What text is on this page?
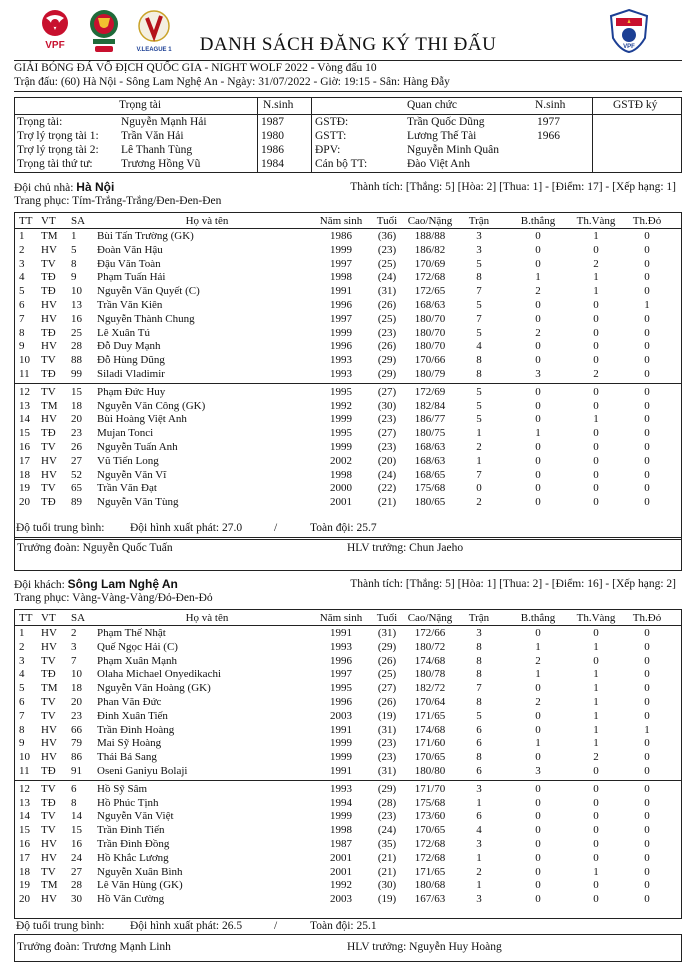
VPF	V.LEAGUE 1	DANH SÁCH ĐĂNG KÝ THI ĐẤU	VPF
GIẢI BÓNG ĐÁ VÔ ĐỊCH QUỐC GIA - NIGHT WOLF 2022 - Vòng đấu 10
Trận đấu: (60) Hà Nội - Sông Lam Nghệ An - Ngày: 31/07/2022 - Giờ: 19:15 - Sân: Hàng Đẫy
Trọng tài	N.sinh	Quan chức	N.sinh	GSTĐ ký
Trọng tài:	Nguyễn Mạnh Hải	1987	GSTĐ:	Trần Quốc Dũng	1977
Trợ lý trọng tài 1: Trần Văn Hải	1980	GSTT:	Lương Thế Tài	1966
Trợ lý trọng tài 2: Lê Thanh Tùng	1986	ĐPV:	Nguyễn Minh Quân
Trọng tài thứ tư: Trương Hồng Vũ	1984	Cán bộ TT:	Đào Việt Anh
Đội chủ nhà: Hà Nội	Thành tích: [Thắng: 5] [Hòa: 2] [Thua: 1] - [Điểm: 17] - [Xếp hạng: 1]
Trang phục: Tím-Trắng-Trắng/Đen-Đen-Đen
TT VT	SA	Họ và tên	Năm sinh	Tuổi Cao/Nặng	Trận	B.thắng	Th.Vàng	Th.Đỏ
1	TM	1	Bùi Tấn Trường (GK)	1986	(36)	188/88	3	0	1	0
2	HV	5	Đoàn Văn Hậu	1999	(23)	186/82	3	0	0	0
3	TV	8	Đậu Văn Toàn	1997	(25)	170/69	5	0	2	0
4	TĐ	9	Phạm Tuấn Hải	1998	(24)	172/68	8	1	1	0
5	TĐ	10	Nguyễn Văn Quyết (C)	1991	(31)	172/65	7	2	1	0
6	HV	13	Trần Văn Kiên	1996	(26)	168/63	5	0	0	1
7	HV	16	Nguyễn Thành Chung	1997	(25)	180/70	7	0	0	0
8	TĐ	25	Lê Xuân Tú	1999	(23)	180/70	5	2	0	0
9	HV	28	Đỗ Duy Mạnh	1996	(26)	180/70	4	0	0	0
10	TV	88	Đỗ Hùng Dũng	1993	(29)	170/66	8	0	0	0
11	TĐ	99	Siladi Vladimir	1993	(29)	180/79	8	3	2	0
12	TV	15	Phạm Đức Huy	1995	(27)	172/69	5	0	0	0
13	TM	18	Nguyễn Văn Công (GK)	1992	(30)	182/84	5	0	0	0
14	HV	20	Bùi Hoàng Việt Anh	1999	(23)	186/77	5	0	1	0
15	TĐ	23	Mujan Tonci	1995	(27)	180/75	1	1	0	0
16	TV	26	Nguyễn Tuấn Anh	1999	(23)	168/63	2	0	0	0
17	HV	27	Vũ Tiến Long	2002	(20)	168/63	1	0	0	0
18	HV	52	Nguyễn Văn Vĩ	1998	(24)	168/65	7	0	0	0
19	TV	65	Trần Văn Đạt	2000	(22)	175/68	0	0	0	0
20	TĐ	89	Nguyễn Văn Tùng	2001	(21)	180/65	2	0	0	0
Độ tuổi trung bình: Đội hình xuất phát: 27.0	/	Toàn đội: 25.7
Trưởng đoàn: Nguyễn Quốc Tuấn	HLV trưởng: Chun Jaeho
Đội khách: Sông Lam Nghệ An	Thành tích: [Thắng: 5] [Hòa: 1] [Thua: 2] - [Điểm: 16] - [Xếp hạng: 2]
Trang phục: Vàng-Vàng-Vàng/Đỏ-Đen-Đỏ
TT VT	SA	Họ và tên	Năm sinh	Tuổi Cao/Nặng	Trận	B.thắng	Th.Vàng	Th.Đỏ
1	HV	2	Phạm Thế Nhật	1991	(31)	172/66	3	0	0	0
2	HV	3	Quế Ngọc Hải (C)	1993	(29)	180/72	8	1	1	0
3	TV	7	Phạm Xuân Mạnh	1996	(26)	174/68	8	2	0	0
4	TĐ	10	Olaha Michael Onyedikachi	1997	(25)	180/78	8	1	1	0
5	TM	18	Nguyễn Văn Hoàng (GK)	1995	(27)	182/72	7	0	1	0
6	TV	20	Phan Văn Đức	1996	(26)	170/64	8	2	1	0
7	TV	23	Đinh Xuân Tiến	2003	(19)	171/65	5	0	1	0
8	HV	66	Trần Đình Hoàng	1991	(31)	174/68	6	0	1	1
9	HV	79	Mai Sỹ Hoàng	1999	(23)	171/60	6	1	1	0
10	HV	86	Thái Bá Sang	1999	(23)	170/65	8	0	2	0
11	TĐ	91	Oseni Ganiyu Bolaji	1991	(31)	180/80	6	3	0	0
12	TV	6	Hồ Sỹ Sâm	1993	(29)	171/70	3	0	0	0
13	TĐ	8	Hồ Phúc Tịnh	1994	(28)	175/68	1	0	0	0
14	TV	14	Nguyễn Văn Việt	1999	(23)	173/60	6	0	0	0
15	TV	15	Trần Đình Tiến	1998	(24)	170/65	4	0	0	0
16	HV	16	Trần Đình Đồng	1987	(35)	172/68	3	0	0	0
17	HV	24	Hồ Khắc Lương	2001	(21)	172/68	1	0	0	0
18	TV	27	Nguyễn Xuân Bình	2001	(21)	171/65	2	0	1	0
19	TM	28	Lê Văn Hùng (GK)	1992	(30)	180/68	1	0	0	0
20	HV	30	Hồ Văn Cường	2003	(19)	167/63	3	0	0	0
Độ tuổi trung bình: Đội hình xuất phát: 26.5	/	Toàn đội: 25.1
Trưởng đoàn: Trương Mạnh Linh	HLV trưởng: Nguyễn Huy Hoàng
